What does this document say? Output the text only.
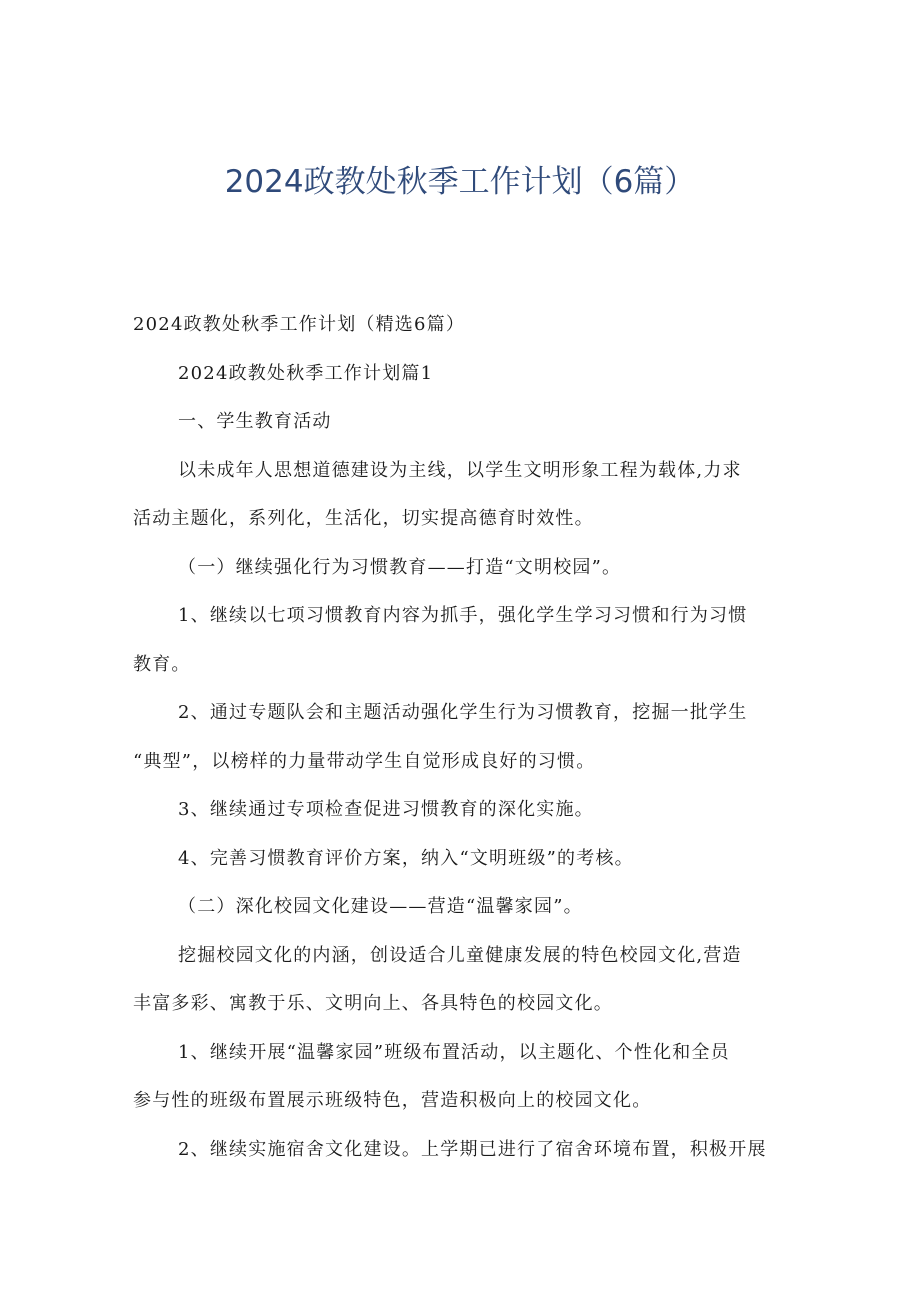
2024政教处秋季工作计划（6篇）

2024政教处秋季工作计划（精选6篇）

2024政教处秋季工作计划篇1

一、学生教育活动

以未成年人思想道德建设为主线，以学生文明形象工程为载体,力求

活动主题化，系列化，生活化，切实提高德育时效性。

（一）继续强化行为习惯教育——打造“文明校园”。

1、继续以七项习惯教育内容为抓手，强化学生学习习惯和行为习惯

教育。

2、通过专题队会和主题活动强化学生行为习惯教育，挖掘一批学生

“典型”，以榜样的力量带动学生自觉形成良好的习惯。

3、继续通过专项检查促进习惯教育的深化实施。

4、完善习惯教育评价方案，纳入“文明班级”的考核。

（二）深化校园文化建设——营造“温馨家园”。

挖掘校园文化的内涵，创设适合儿童健康发展的特色校园文化,营造

丰富多彩、寓教于乐、文明向上、各具特色的校园文化。

1、继续开展“温馨家园”班级布置活动，以主题化、个性化和全员

参与性的班级布置展示班级特色，营造积极向上的校园文化。

2、继续实施宿舍文化建设。上学期已进行了宿舍环境布置，积极开展
